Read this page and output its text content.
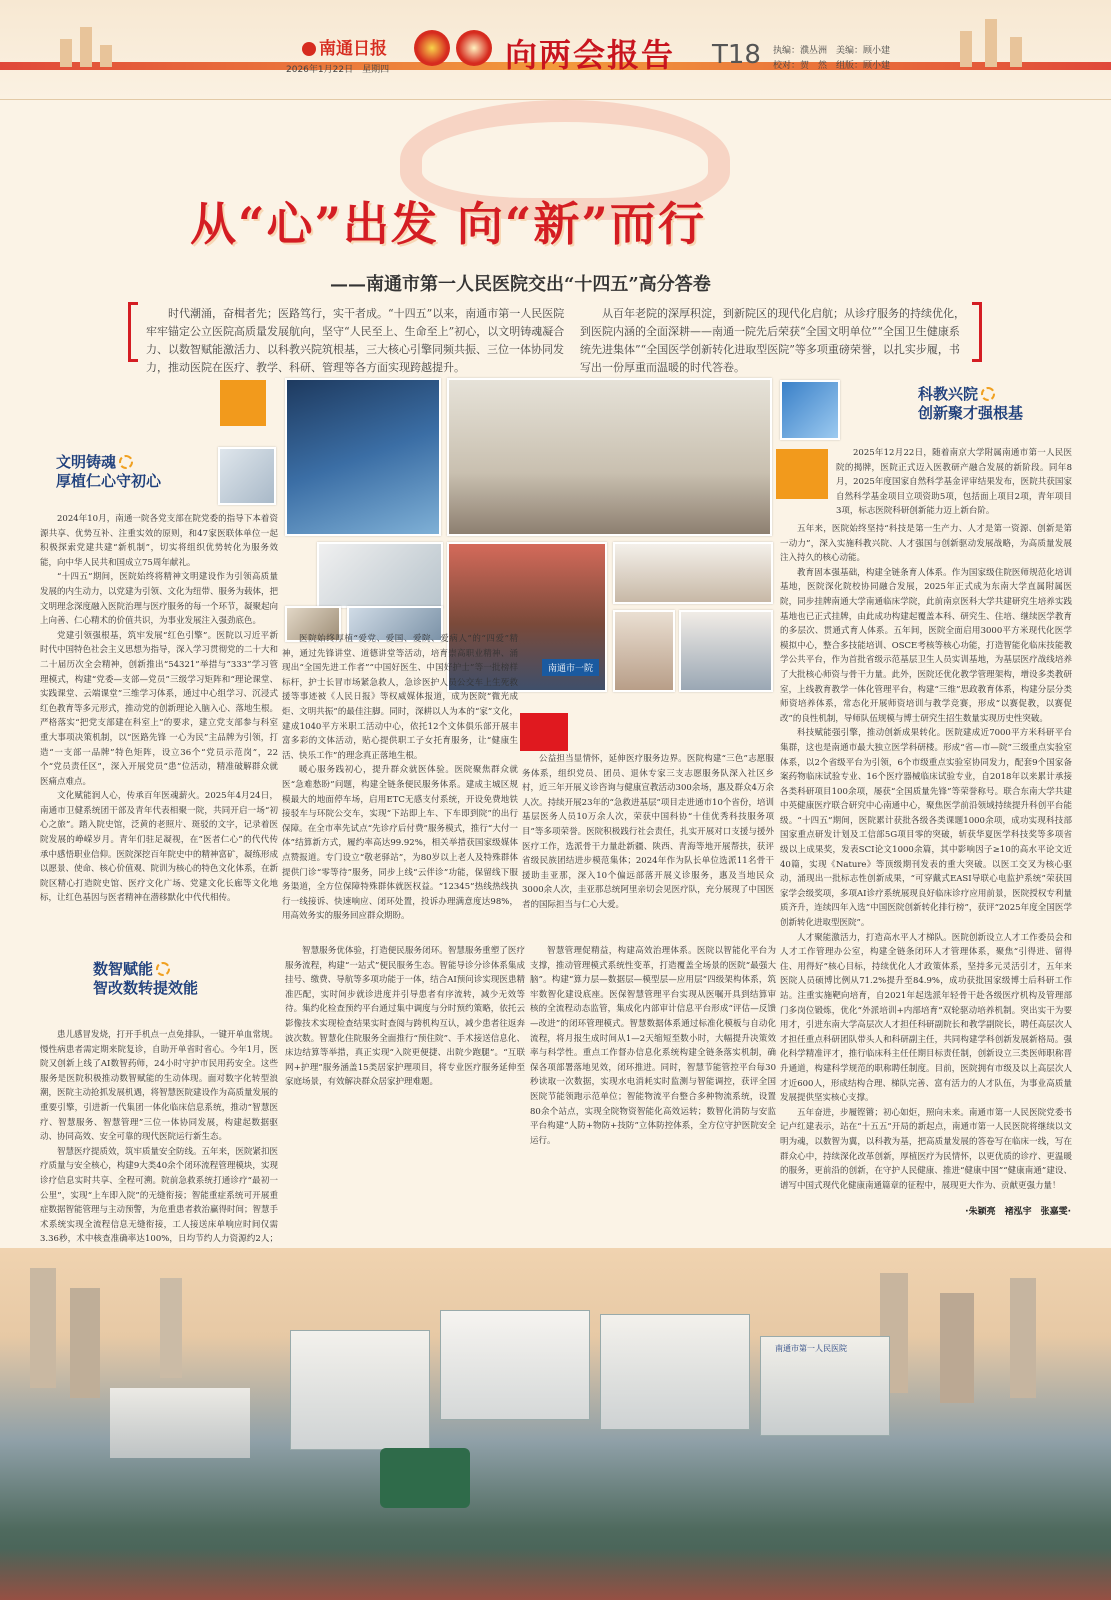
南通日报
2026年1月22日　星期四	向两会报告 T18 执编：濮丛洲　美编：顾小建
校对：贺　然　组版：顾小建
从“心”出发 向“新”而行
——南通市第一人民医院交出“十四五”高分答卷
时代潮涌，奋楫者先；医路笃行，实干者成。“十四五”以来，南通市第一人民医院牢牢锚定公立医院高质量发展航向，坚守“人民至上、生命至上”初心，以文明铸魂凝合力、以数智赋能激活力、以科教兴院筑根基，三大核心引擎同频共振、三位一体协同发力，推动医院在医疗、教学、科研、管理等各方面实现跨越提升。
从百年老院的深厚积淀，到新院区的现代化启航；从诊疗服务的持续优化，到医院内涵的全面深耕——南通一院先后荣获“全国文明单位”“全国卫生健康系统先进集体”“全国医学创新转化进取型医院”等多项重磅荣誉，以扎实步履，书写出一份厚重而温暖的时代答卷。
南通市一院
文明铸魂
厚植仁心守初心

2024年10月，南通一院各党支部在院党委的指导下本着资源共享、优势互补、注重实效的原则，和47家医联体单位一起积极探索党建共建“新机制”，切实将组织优势转化为服务效能，向中华人民共和国成立75周年献礼。

“十四五”期间，医院始终将精神文明建设作为引领高质量发展的内生动力，以党建为引领、文化为纽带、服务为载体，把文明理念深度融入医院治理与医疗服务的每一个环节，凝聚起向上向善、仁心精术的价值共识，为事业发展注入强劲底色。

党建引领强根基，筑牢发展“红色引擎”。医院以习近平新时代中国特色社会主义思想为指导，深入学习贯彻党的二十大和二十届历次全会精神，创新推出“54321”举措与“333”学习管理模式，构建“党委—支部—党员”三级学习矩阵和“理论课堂、实践课堂、云端课堂”三维学习体系，通过中心组学习、沉浸式红色教育等多元形式，推动党的创新理论入脑入心、落地生根。严格落实“把党支部建在科室上”的要求，建立党支部参与科室重大事项决策机制，以“医路先锋 一心为民”主品牌为引领，打造“一支部一品牌”特色矩阵，设立36个“党员示范岗”，22个“党员责任区”，深入开展党员“患”位活动，精准破解群众就医痛点难点。

文化赋能润人心，传承百年医魂薪火。2025年4月24日，南通市卫健系统团干部及青年代表相聚一院，共同开启一场“初心之旅”。踏入院史馆，泛黄的老照片、斑驳的文字，记录着医院发展的峥嵘岁月。青年们驻足凝视，在“医者仁心”的代代传承中感悟职业信仰。医院深挖百年院史中的精神富矿，凝练形成以愿景、使命、核心价值观、院训为核心的特色文化体系，在新院区精心打造院史馆、医疗文化广场、党建文化长廊等文化地标，让红色基因与医者精神在潜移默化中代代相传。

医院始终厚植“爱党、爱国、爱院、爱病人”的“四爱”精神，通过先锋讲堂、道德讲堂等活动，培育崇高职业精神、涌现出“全国先进工作者”“中国好医生、中国好护士”等一批榜样标杆，护士长冒市场紧急救人，急诊医护人员公交车上生死救援等事迹被《人民日报》等权威媒体报道，成为医院“微光成炬、文明共振”的最佳注脚。同时，深耕以人为本的“家”文化，建成1040平方米职工活动中心，依托12个文体俱乐部开展丰富多彩的文体活动，贴心提供职工子女托育服务，让“健康生活、快乐工作”的理念真正落地生根。

暖心服务践初心，提升群众就医体验。医院聚焦群众就医“急难愁盼”问题，构建全链条便民服务体系。建成主城区规模最大的地面停车场，启用ETC无感支付系统，开设免费地铁接驳车与环院公交车，实现“下站即上车、下车即到院”的出行保障。在全市率先试点“先诊疗后付费”服务模式，推行“大付一体”结算新方式，履约率高达99.92%，相关举措获国家级媒体点赞报道。专门设立“敬老驿站”，为80岁以上老人及特殊群体提供门诊“零等待”服务，同步上线“云伴诊”功能，保留线下服务渠道，全方位保障特殊群体就医权益。“12345”热线热线执行一线接诉、快速响应、闭环处置，投诉办理满意度达98%，用高效务实的服务回应群众期盼。

公益担当显情怀，延伸医疗服务边界。医院构建“三色”志愿服务体系，组织党员、团员、退休专家三支志愿服务队深入社区乡村，近三年开展义诊咨询与健康宣教活动300余场，惠及群众4万余人次。持续开展23年的“急救进基层”项目走进通市10个省份，培训基层医务人员10万余人次，荣获中国科协“十佳优秀科技服务项目”等多项荣誉。医院积极践行社会责任，扎实开展对口支援与援外医疗工作，选派骨干力量赴新疆、陕西、青海等地开展帮扶，获评省级民族团结进步模范集体；2024年作为队长单位选派11名骨干援助圭亚那，深入10个偏远部落开展义诊服务，惠及当地民众3000余人次，圭亚那总统阿里亲切会见医疗队，充分展现了中国医者的国际担当与仁心大爱。

数智赋能
智改数转提效能

患儿感冒发烧，打开手机点一点免排队，一键开单血常规。慢性病患者需定期来院复诊，自助开单省时省心。今年1月，医院又创新上线了AI数智药师，24小时守护市民用药安全。这些服务是医院积极推动数智赋能的生动体现。面对数字化转型浪潮，医院主动抢抓发展机遇，将智慧医院建设作为高质量发展的重要引擎，引进新一代集团一体化临床信息系统，推动“智慧医疗、智慧服务、智慧管理”三位一体协同发展，构建起数据驱动、协同高效、安全可靠的现代医院运行新生态。

智慧医疗提质效，筑牢质量安全防线。五年来，医院紧扣医疗质量与安全核心，构建9大类40余个闭环流程管理模块，实现诊疗信息实时共享、全程可溯。院前急救系统打通诊疗“最初一公里”，实现“上车即入院”的无缝衔接；智能重症系统可开展重症数据智能管理与主动预警，为危重患者救治赢得时间；智慧手术系统实现全流程信息无缝衔接，工人接送床单响应时间仅需3.36秒，术中核查准确率达100%，日均节约人力资源约2人；

智慧服务优体验，打造便民服务闭环。智慧服务重塑了医疗服务流程，构建“一站式”便民服务生态。智能导诊分诊体系集成挂号、缴费、导航等多项功能于一体，结合AI预问诊实现医患精准匹配，实时间步就诊进度并引导患者有序流转，减少无效等待。集约化检查预约平台通过集中调度与分时预约策略，依托云影像技术实现检查结果实时查阅与跨机构互认，减少患者往返奔波次数。智慧化住院服务全面推行“预住院”、手术接送信息化、床边结算等举措，真正实现“入院更便捷、出院少跑腿”。“互联网+护理”服务涵盖15类居家护理项目，将专业医疗服务延伸至家庭场景，有效解决群众居家护理难题。

智慧管理促精益，构建高效治理体系。医院以智能化平台为支撑，推动管理模式系统性变革，打造覆盖全场景的医院“最强大脑”。构建“算力层—数据层—模型层—应用层”四级架构体系，筑牢数智化建设底座。医保智慧管理平台实现从医嘱开具到结算审核的全流程动态监管，集成化内部审计信息平台形成“评估—反馈—改进”的闭环管理模式。智慧数据体系通过标准化模板与自动化流程，将月报生成时间从1—2天缩短至数小时，大幅提升决策效率与科学性。重点工作督办信息化系统构建全链条落实机制，确保各项部署落地见效，闭环推进。同时，智慧节能管控平台每30秒读取一次数据，实现水电消耗实时监测与智能调控，获评全国医院节能领跑示范单位；智能物流平台整合多种物流系统，设置80余个站点，实现全院物资智能化高效运转；数智化消防与安监平台构建“人防+物防+技防”立体防控体系，全方位守护医院安全运行。

科教兴院
创新聚才强根基

2025年12月22日，随着南京大学附属南通市第一人民医院的揭牌，医院正式迈入医教研产融合发展的新阶段。同年8月，2025年度国家自然科学基金评审结果发布，医院共获国家自然科学基金项目立项资助5项，包括面上项目2项，青年项目3项，标志医院科研创新能力迈上新台阶。

五年来，医院始终坚持“科技是第一生产力、人才是第一资源、创新是第一动力”，深入实施科教兴院、人才强国与创新驱动发展战略，为高质量发展注入持久的核心动能。

教育固本强基础，构建全链条育人体系。作为国家级住院医师规范化培训基地，医院深化院校协同融合发展，2025年正式成为东南大学直属附属医院，同步挂牌南通大学南通临床学院，此前南京医科大学共建研究生培养实践基地也已正式挂牌，由此成功构建起覆盖本科、研究生、住培、继续医学教育的多层次、贯通式育人体系。五年间，医院全面启用3000平方米现代化医学模拟中心，整合多技能培训、OSCE考核等核心功能，打造智能化临床技能教学公共平台，作为首批省级示范基层卫生人员实训基地，为基层医疗战线培养了大批核心师资与骨干力量。此外，医院还优化教学管理架构，增设多类教研室，上线教育教学一体化管理平台，构建“三维”思政教育体系，构建分层分类师资培养体系，常态化开展师资培训与教学竞赛，形成“以赛促教，以赛促改”的良性机制，导师队伍规模与博士研究生招生数量实现历史性突破。

科技赋能强引擎，推动创新成果转化。医院建成近7000平方米科研平台集群，这也是南通市最大独立医学科研楼。形成“省—市—院”三级重点实验室体系，以2个省级平台为引领，6个市级重点实验室协同发力，配套9个国家备案药物临床试验专业、16个医疗器械临床试验专业，自2018年以来累计承接各类科研项目100余项，屡获“全国质量先锋”等荣誉称号。联合东南大学共建中英健康医疗联合研究中心南通中心，聚焦医学前沿领域持续提升科创平台能级。“十四五”期间，医院累计获批各级各类课题1000余项，成功实现科技部国家重点研发计划及工信部5G项目零的突破，斩获华夏医学科技奖等多项省级以上成果奖，发表SCI论文1000余篇，其中影响因子≥10的高水平论文近40篇，实现《Nature》等顶级期刊发表的重大突破。以医工交叉为核心驱动，涌现出一批标志性创新成果，“可穿戴式EASI导联心电监护系统”荣获国家学会级奖项，多项AI诊疗系统展现良好临床诊疗应用前景，医院授权专利量质齐升，连续四年入选“中国医院创新转化排行榜”，获评“2025年度全国医学创新转化进取型医院”。

人才聚能激活力，打造高水平人才梯队。医院创新设立人才工作委员会和人才工作管理办公室，构建全链条闭环人才管理体系，聚焦“引得进、留得住、用得好”核心目标，持续优化人才政策体系，坚持多元灵活引才，五年来医院人员硕博比例从71.2%提升至84.9%，成功获批国家级博士后科研工作站。注重实施靶向培育，自2021年起选派年轻骨干赴各级医疗机构及管理部门多岗位锻炼，优化“外派培训+内部培育”双轮驱动培养机制。突出实干为要用才，引进东南大学高层次人才担任科研副院长和教学副院长，聘任高层次人才担任重点科研团队带头人和科研副主任，共同构建学科创新发展新格局。强化科学精准评才，推行临床科主任任期目标责任制，创新设立三类医师职称晋升通道，构建科学规范的职称聘任制度。目前，医院拥有市级及以上高层次人才近600人，形成结构合理、梯队完善、富有活力的人才队伍，为事业高质量发展提供坚实核心支撑。

五年奋进，步履铿锵；初心如炬，照向未来。南通市第一人民医院党委书记卢红建表示，站在“十五五”开局的新起点，南通市第一人民医院将继续以文明为魂，以数智为翼，以科教为基，把高质量发展的答卷写在临床一线，写在群众心中，持续深化改革创新，厚植医疗为民情怀，以更优质的诊疗、更温暖的服务，更前沿的创新，在守护人民健康、推进“健康中国”“健康南通”建设、谱写中国式现代化健康南通篇章的征程中，展现更大作为、贡献更强力量！

·朱颖亮　褚泓宇　张嘉雯·
南通市第一人民医院
